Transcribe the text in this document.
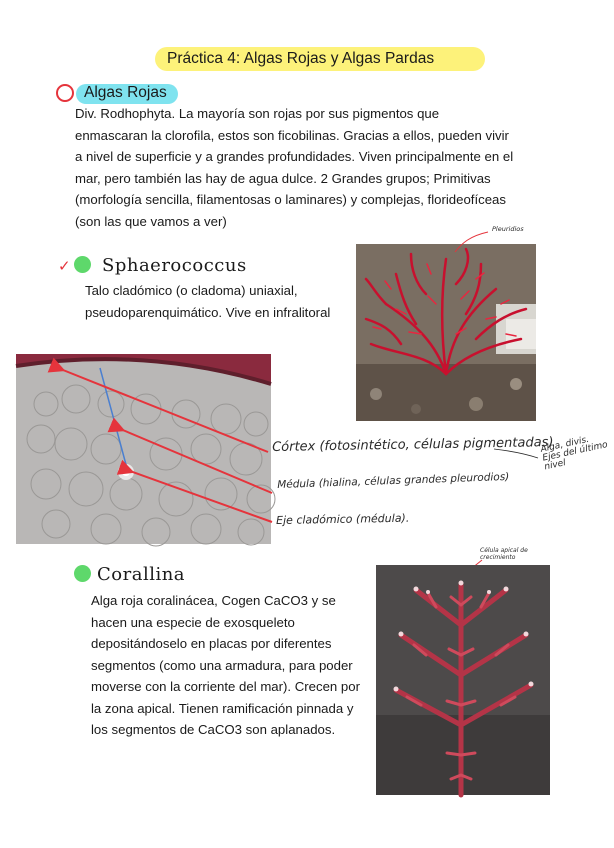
Práctica 4: Algas Rojas y Algas Pardas
Algas Rojas
Div. Rodhophyta. La mayoría son rojas por sus pigmentos que enmascaran la clorofila, estos son ficobilinas. Gracias a ellos, pueden vivir a nivel de superficie y a grandes profundidades. Viven principalmente en el mar, pero también las hay de agua dulce. 2 Grandes grupos; Primitivas (morfología sencilla, filamentosas o laminares) y complejas, florideofíceas (son las que vamos a ver)
✓ Sphaerococcus
Talo cladómico (o cladoma) uniaxial, pseudoparenquimático. Vive en infralitoral
Pleuridios
Córtex (fotosintético, células pigmentadas)
Alga, divis. Ejes del último nivel
Médula (hialina, células grandes pleurodios)
Eje cladómico (médula).
Corallina
Alga roja coralinácea, Cogen CaCO3 y se hacen una especie de exosqueleto depositándoselo en placas por diferentes segmentos (como una armadura, para poder moverse con la corriente del mar). Crecen por la zona apical. Tienen ramificación pinnada y los segmentos de CaCO3 son aplanados.
Célula apical de crecimiento
